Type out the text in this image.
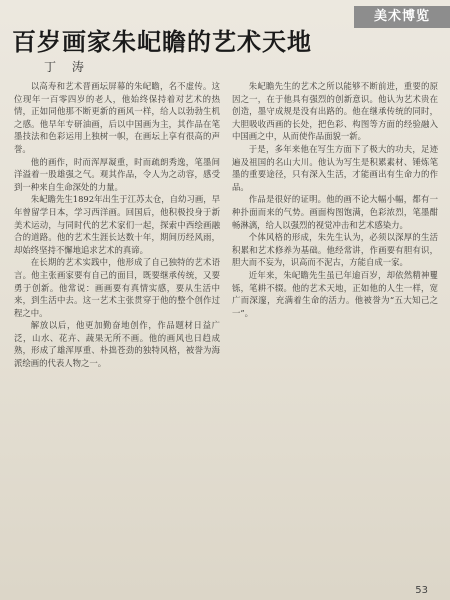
美术博览
百岁画家朱屺瞻的艺术天地
丁 涛

以高寿和艺术晋画坛屏幕的朱屺瞻，名不虚传。这位现年一百零四岁的老人，他始终保持着对艺术的热情，正如同他那不断更新的画风一样，给人以勃勃生机之感。他早年专研油画，后以中国画为主，其作品在笔墨技法和色彩运用上独树一帜，在画坛上享有很高的声誉。

他的画作，时而浑厚凝重，时而疏朗秀逸，笔墨间洋溢着一股雄强之气。观其作品，令人为之动容，感受到一种来自生命深处的力量。

朱屺瞻先生1892年出生于江苏太仓，自幼习画，早年曾留学日本，学习西洋画。回国后，他积极投身于新美术运动，与同时代的艺术家们一起，探索中西绘画融合的道路。他的艺术生涯长达数十年，期间历经风雨，却始终坚持不懈地追求艺术的真谛。

在长期的艺术实践中，他形成了自己独特的艺术语言。他主张画家要有自己的面目，既要继承传统，又要勇于创新。他常说：画画要有真情实感，要从生活中来，到生活中去。这一艺术主张贯穿于他的整个创作过程之中。

解放以后，他更加勤奋地创作，作品题材日益广泛，山水、花卉、蔬果无所不画。他的画风也日趋成熟，形成了雄浑厚重、朴拙苍劲的独特风格，被誉为海派绘画的代表人物之一。

朱屺瞻先生的艺术之所以能够不断前进，重要的原因之一，在于他具有强烈的创新意识。他认为艺术贵在创造，墨守成规是没有出路的。他在继承传统的同时，大胆吸收西画的长处，把色彩、构图等方面的经验融入中国画之中，从而使作品面貌一新。

于是，多年来他在写生方面下了极大的功夫，足迹遍及祖国的名山大川。他认为写生是积累素材、锤炼笔墨的重要途径，只有深入生活，才能画出有生命力的作品。

作品是很好的证明。他的画不论大幅小幅，都有一种扑面而来的气势。画面构图饱满，色彩浓烈，笔墨酣畅淋漓，给人以强烈的视觉冲击和艺术感染力。

个体风格的形成，朱先生认为，必须以深厚的生活积累和艺术修养为基础。他经常讲，作画要有胆有识，胆大而不妄为，识高而不泥古，方能自成一家。

近年来，朱屺瞻先生虽已年逾百岁，却依然精神矍铄，笔耕不辍。他的艺术天地，正如他的人生一样，宽广而深邃，充满着生命的活力。他被誉为“五大知己之一”。

53
